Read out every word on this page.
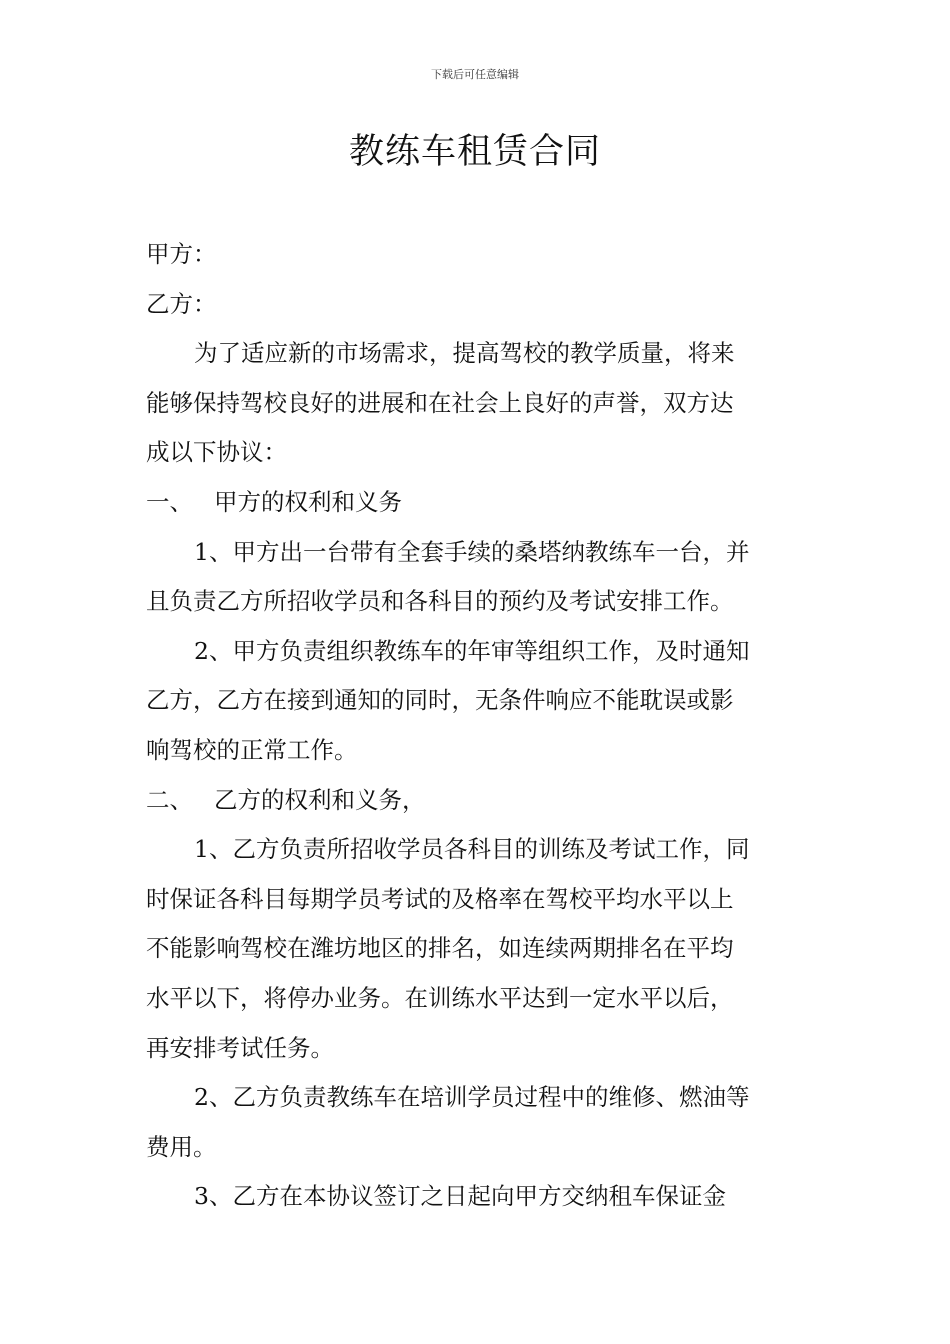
下载后可任意编辑
教练车租赁合同
甲方：
乙方：
为了适应新的市场需求，提高驾校的教学质量，将来
能够保持驾校良好的进展和在社会上良好的声誉，双方达
成以下协议：
一、 甲方的权利和义务
1、甲方出一台带有全套手续的桑塔纳教练车一台，并
且负责乙方所招收学员和各科目的预约及考试安排工作。
2、甲方负责组织教练车的年审等组织工作，及时通知
乙方，乙方在接到通知的同时，无条件响应不能耽误或影
响驾校的正常工作。
二、 乙方的权利和义务，
1、乙方负责所招收学员各科目的训练及考试工作，同
时保证各科目每期学员考试的及格率在驾校平均水平以上
不能影响驾校在潍坊地区的排名，如连续两期排名在平均
水平以下，将停办业务。在训练水平达到一定水平以后，
再安排考试任务。
2、乙方负责教练车在培训学员过程中的维修、燃油等
费用。
3、乙方在本协议签订之日起向甲方交纳租车保证金
